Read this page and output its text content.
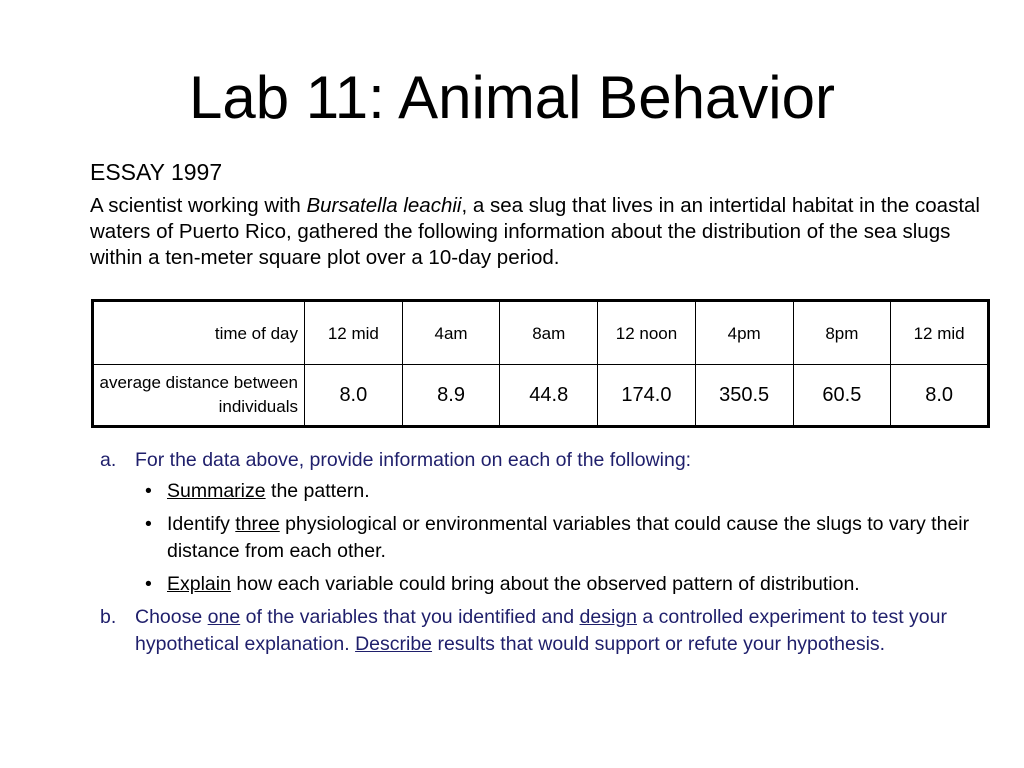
Lab 11: Animal Behavior
ESSAY 1997
A scientist working with Bursatella leachii, a sea slug that lives in an intertidal habitat in the coastal waters of Puerto Rico, gathered the following information about the distribution of the sea slugs within a ten-meter square plot over a 10-day period.
time of day	12 mid	4am	8am	12 noon	4pm	8pm	12 mid
average distance between individuals	8.0	8.9	44.8	174.0	350.5	60.5	8.0
a. For the data above, provide information on each of the following:
• Summarize the pattern.
• Identify three physiological or environmental variables that could cause the slugs to vary their distance from each other.
• Explain how each variable could bring about the observed pattern of distribution.
b. Choose one of the variables that you identified and design a controlled experiment to test your hypothetical explanation. Describe results that would support or refute your hypothesis.
